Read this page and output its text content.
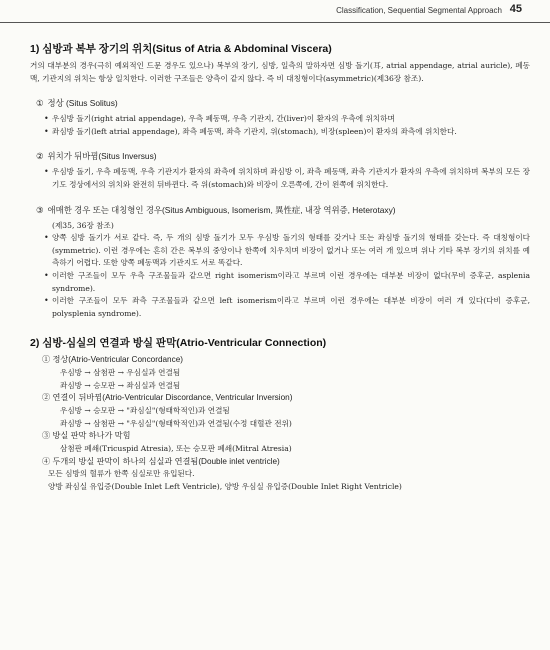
Classification, Sequential Segmental Approach 45

1) 심방과 복부 장기의 위치(Situs of Atria & Abdominal Viscera)

거의 대부분의 경우(극히 예외적인 드문 경우도 있으나) 복부의 장기, 심방, 일측의 말하자면 심방 돌기(耳, atrial appendage, atrial auricle), 폐동맥, 기관지의 위치는 항상 일치한다. 이러한 구조들은 양측이 같지 않다. 즉 비 대칭형이다(asymmetric)(제36장 참조).

① 정상 (Situs Solitus)

• 우심방 돌기(right atrial appendage), 우측 폐동맥, 우측 기관지, 간(liver)이 환자의 우측에 위치하며
• 좌심방 돌기(left atrial appendage), 좌측 폐동맥, 좌측 기관지, 위(stomach), 비장(spleen)이 환자의 좌측에 위치한다.

② 위치가 뒤바뀜(Situs Inversus)

• 우심방 돌기, 우측 폐동맥, 우측 기관지가 환자의 좌측에 위치하며 좌심방 이, 좌측 폐동맥, 좌측 기관지가 환자의 우측에 위치하며 복부의 모든 장기도 정상에서의 위치와 완전히 뒤바뀐다. 즉 위(stomach)와 비장이 오른쪽에, 간이 왼쪽에 위치한다.

③ 애매한 경우 또는 대칭형인 경우(Situs Ambiguous, Isomerism, 異性症, 내장 역위증, Heterotaxy)

(제35, 36장 참조)

• 양쪽 심방 돌기가 서로 같다. 즉, 두 개의 심방 돌기가 모두 우심방 돌기의 형태를 갖거나 또는 좌심방 돌기의 형태를 갖는다. 즉 대칭형이다(symmetric). 이런 경우에는 흔히 간은 복부의 중앙이나 한쪽에 치우치며 비장이 없거나 또는 여러 개 있으며 위나 기타 복부 장기의 위치를 예측하기 어렵다. 또한 양쪽 폐동맥과 기관지도 서로 똑같다.
• 이러한 구조들이 모두 우측 구조물들과 같으면 right isomerism이라고 부르며 이런 경우에는 대부분 비장이 없다(무비 증후군, asplenia syndrome).
• 이러한 구조들이 모두 좌측 구조물들과 같으면 left isomerism이라고 부르며 이런 경우에는 대부분 비장이 여러 개 있다(다비 증후군, polysplenia syndrome).

2) 심방-심실의 연결과 방실 판막(Atrio-Ventricular Connection)

① 정상(Atrio-Ventricular Concordance)

우심방 → 삼첨판 → 우심실과 연결됨

좌심방 → 승모판 → 좌심실과 연결됨

② 연결이 뒤바뀜(Atrio-Ventricular Discordance, Ventricular Inversion)

우심방 → 승모판 → "좌심실"(형태학적인)과 연결됨

좌심방 → 삼첨판 → "우심실"(형태학적인)과 연결됨(수정 대혈관 전위)

③ 방실 판막 하나가 막힘

삼첨판 폐쇄(Tricuspid Atresia), 또는 승모판 폐쇄(Mitral Atresia)

④ 두개의 방실 판막이 하나의 심실과 연결됨(Double inlet ventricle)

모든 심방의 혈류가 한쪽 심실로만 유입된다.

양방 좌심실 유입증(Double Inlet Left Ventricle), 양방 우심실 유입증(Double Inlet Right Ventricle)
